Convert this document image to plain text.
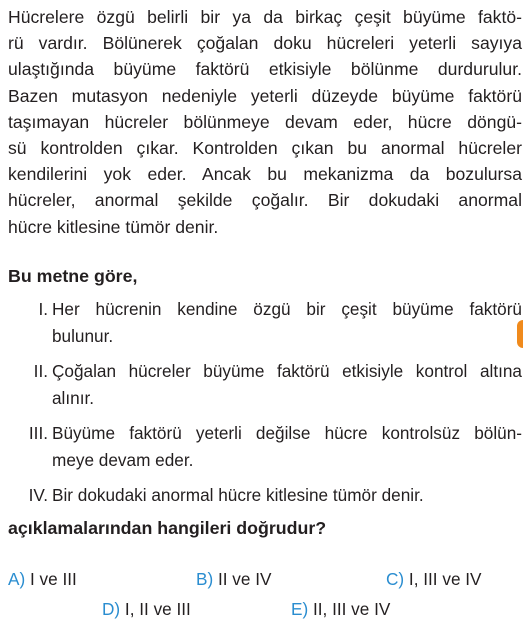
Hücrelere özgü belirli bir ya da birkaç çeşit büyüme faktö-
rü vardır. Bölünerek çoğalan doku hücreleri yeterli sayıya
ulaştığında büyüme faktörü etkisiyle bölünme durdurulur.
Bazen mutasyon nedeniyle yeterli düzeyde büyüme faktörü
taşımayan hücreler bölünmeye devam eder, hücre döngü-
sü kontrolden çıkar. Kontrolden çıkan bu anormal hücreler
kendilerini yok eder. Ancak bu mekanizma da bozulursa
hücreler, anormal şekilde çoğalır. Bir dokudaki anormal
hücre kitlesine tümör denir.

Bu metne göre,

I. Her hücrenin kendine özgü bir çeşit büyüme faktörü
bulunur.
II. Çoğalan hücreler büyüme faktörü etkisiyle kontrol altına
alınır.
III. Büyüme faktörü yeterli değilse hücre kontrolsüz bölün-
meye devam eder.
IV. Bir dokudaki anormal hücre kitlesine tümör denir.

açıklamalarından hangileri doğrudur?

A) I ve III	B) II ve IV	C) I, III ve IV
D) I, II ve III	E) II, III ve IV
